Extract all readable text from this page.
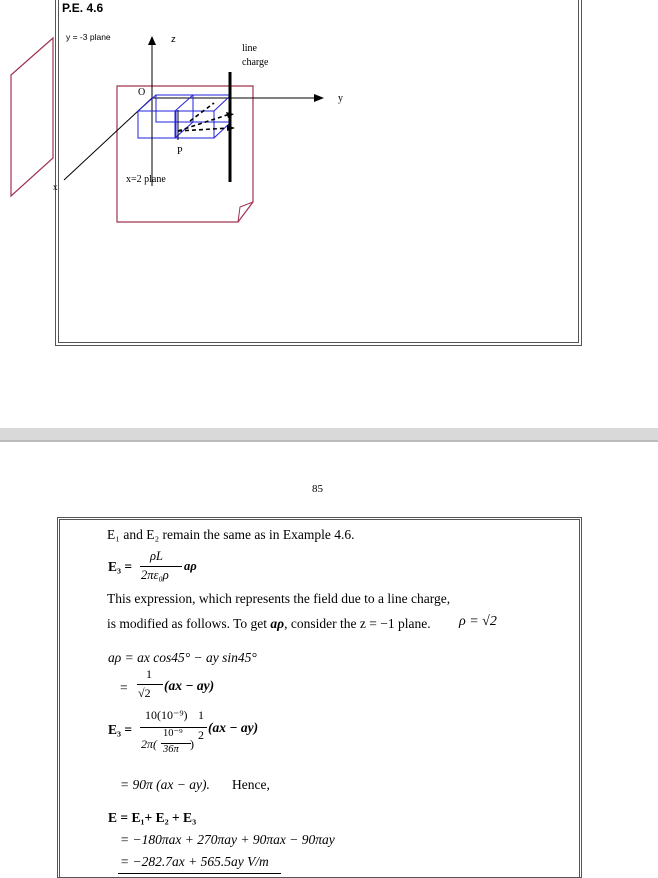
P.E. 4.6
y = -3 plane	z
line
charge
O
y
P
x=2 plane
x
85
E₁ and E₂ remain the same as in Example 4.6.
E₃ =
ρL
2πε₀ρ
aρ
This expression, which represents the field due to a line charge,
is modified as follows. To get aρ, consider the z = −1 plane. ρ = √2
aρ = ax cos45° − ay sin45°
=
1
√2 (ax − ay)
E₃ =
10(10⁻⁹)
2π(
10⁻⁹
36π )
1
2 (ax − ay)
= 90π (ax − ay). Hence,
E = E₁+ E₂ + E₃
= −180πax + 270πay + 90πax − 90πay
= −282.7ax + 565.5ay V/m
